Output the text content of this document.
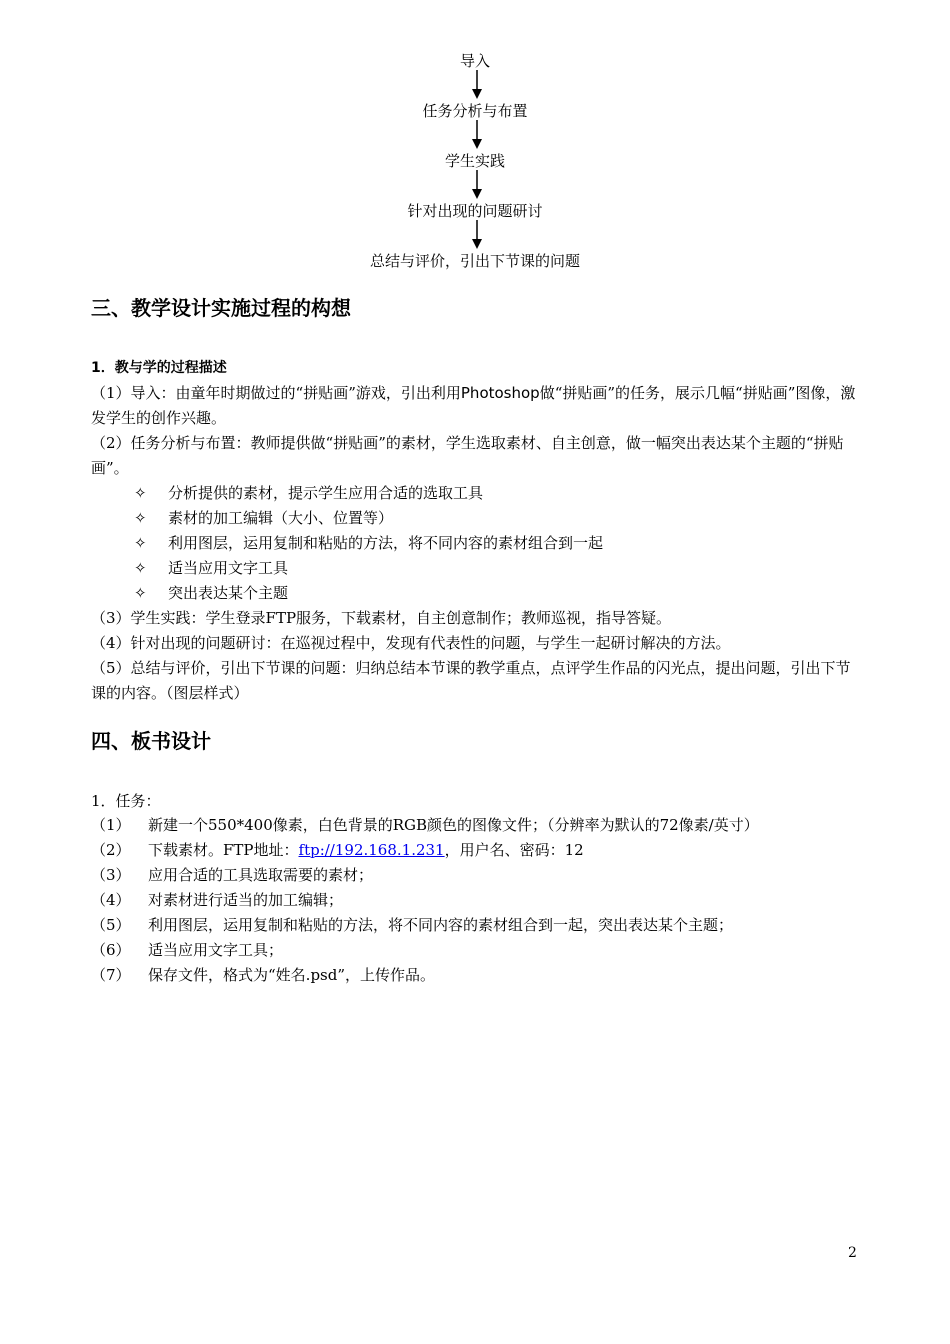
导入
任务分析与布置
学生实践
针对出现的问题研讨
总结与评价，引出下节课的问题
三、教学设计实施过程的构想
1．教与学的过程描述
（1）导入：由童年时期做过的“拼贴画”游戏，引出利用Photoshop做“拼贴画”的任务，展示几幅“拼贴画”图像，激发学生的创作兴趣。
（2）任务分析与布置：教师提供做“拼贴画”的素材，学生选取素材、自主创意，做一幅突出表达某个主题的“拼贴画”。
✧ 分析提供的素材，提示学生应用合适的选取工具
✧ 素材的加工编辑（大小、位置等）
✧ 利用图层，运用复制和粘贴的方法，将不同内容的素材组合到一起
✧ 适当应用文字工具
✧ 突出表达某个主题
（3）学生实践：学生登录FTP服务，下载素材，自主创意制作；教师巡视，指导答疑。
（4）针对出现的问题研讨：在巡视过程中，发现有代表性的问题，与学生一起研讨解决的方法。
（5）总结与评价，引出下节课的问题：归纳总结本节课的教学重点，点评学生作品的闪光点，提出问题，引出下节课的内容。（图层样式）
四、板书设计
1．任务：
（1） 新建一个550*400像素，白色背景的RGB颜色的图像文件；（分辨率为默认的72像素/英寸）
（2） 下载素材。FTP地址：ftp://192.168.1.231，用户名、密码：12
（3） 应用合适的工具选取需要的素材；
（4） 对素材进行适当的加工编辑；
（5） 利用图层，运用复制和粘贴的方法，将不同内容的素材组合到一起，突出表达某个主题；
（6） 适当应用文字工具；
（7） 保存文件，格式为“姓名.psd”，上传作品。
2
